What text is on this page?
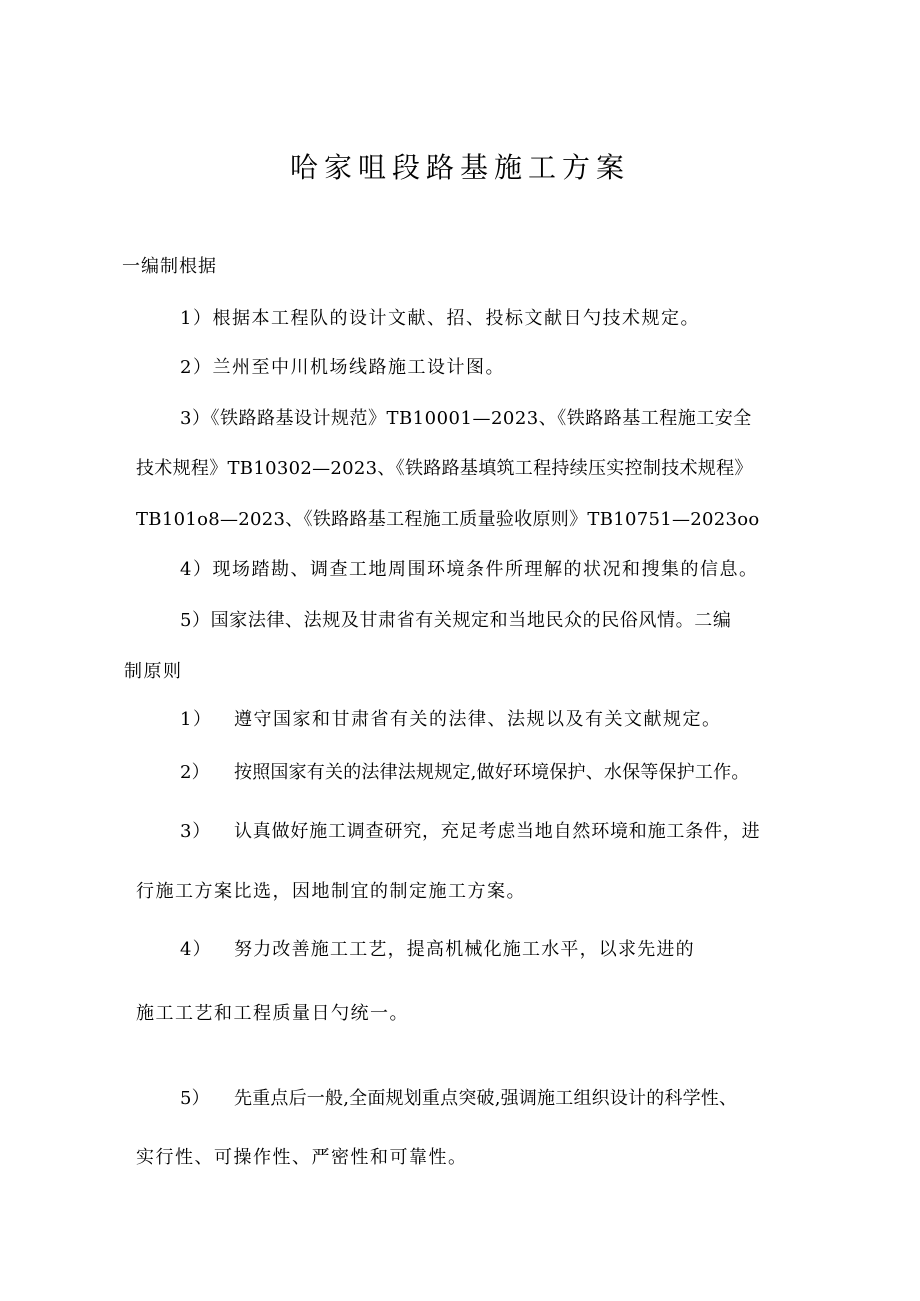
哈家咀段路基施工方案
一编制根据
1）根据本工程队的设计文献、招、投标文献日勺技术规定。
2）兰州至中川机场线路施工设计图。
3）《铁路路基设计规范》TB10001—2023、《铁路路基工程施工安全
技术规程》TB10302—2023、《铁路路基填筑工程持续压实控制技术规程》
TB101o8—2023、《铁路路基工程施工质量验收原则》TB10751—2023oo
4）现场踏勘、调查工地周围环境条件所理解的状况和搜集的信息。
5）国家法律、法规及甘肃省有关规定和当地民众的民俗风情。二编
制原则
1） 遵守国家和甘肃省有关的法律、法规以及有关文献规定。
2） 按照国家有关的法律法规规定,做好环境保护、水保等保护工作。
3） 认真做好施工调查研究，充足考虑当地自然环境和施工条件，进
行施工方案比选，因地制宜的制定施工方案。
4） 努力改善施工工艺，提高机械化施工水平，以求先进的
施工工艺和工程质量日勺统一。
5） 先重点后一般,全面规划重点突破,强调施工组织设计的科学性、
实行性、可操作性、严密性和可靠性。
